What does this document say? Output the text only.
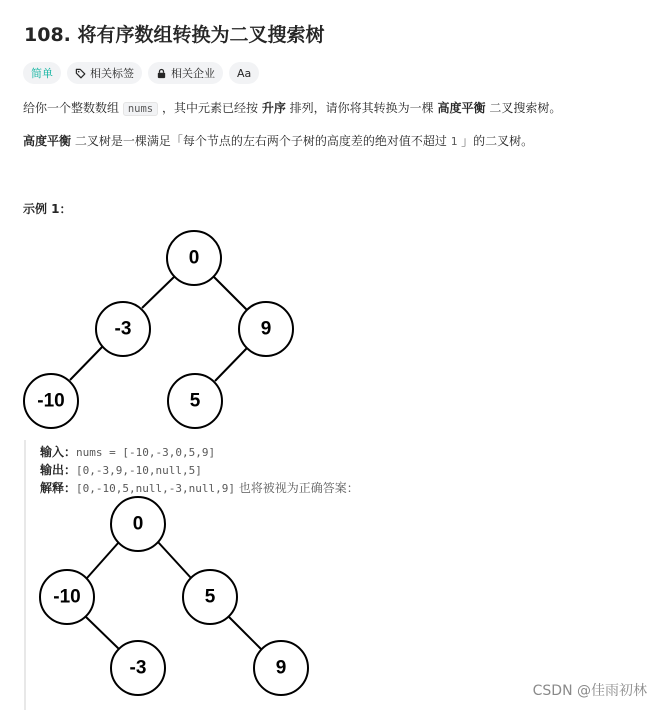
108. 将有序数组转换为二叉搜索树
简单	相关标签	相关企业 Aa
给你一个整数数组 nums ，其中元素已经按 升序 排列，请你将其转换为一棵 高度平衡 二叉搜索树。
高度平衡 二叉树是一棵满足「每个节点的左右两个子树的高度差的绝对值不超过 1 」的二叉树。
示例 1：
0
-3	9
-10	5
输入：nums = [-10,-3,0,5,9]
输出：[0,-3,9,-10,null,5]
解释：[0,-10,5,null,-3,null,9] 也将被视为正确答案：
0
-10	5
-3	9
CSDN @佳雨初林
